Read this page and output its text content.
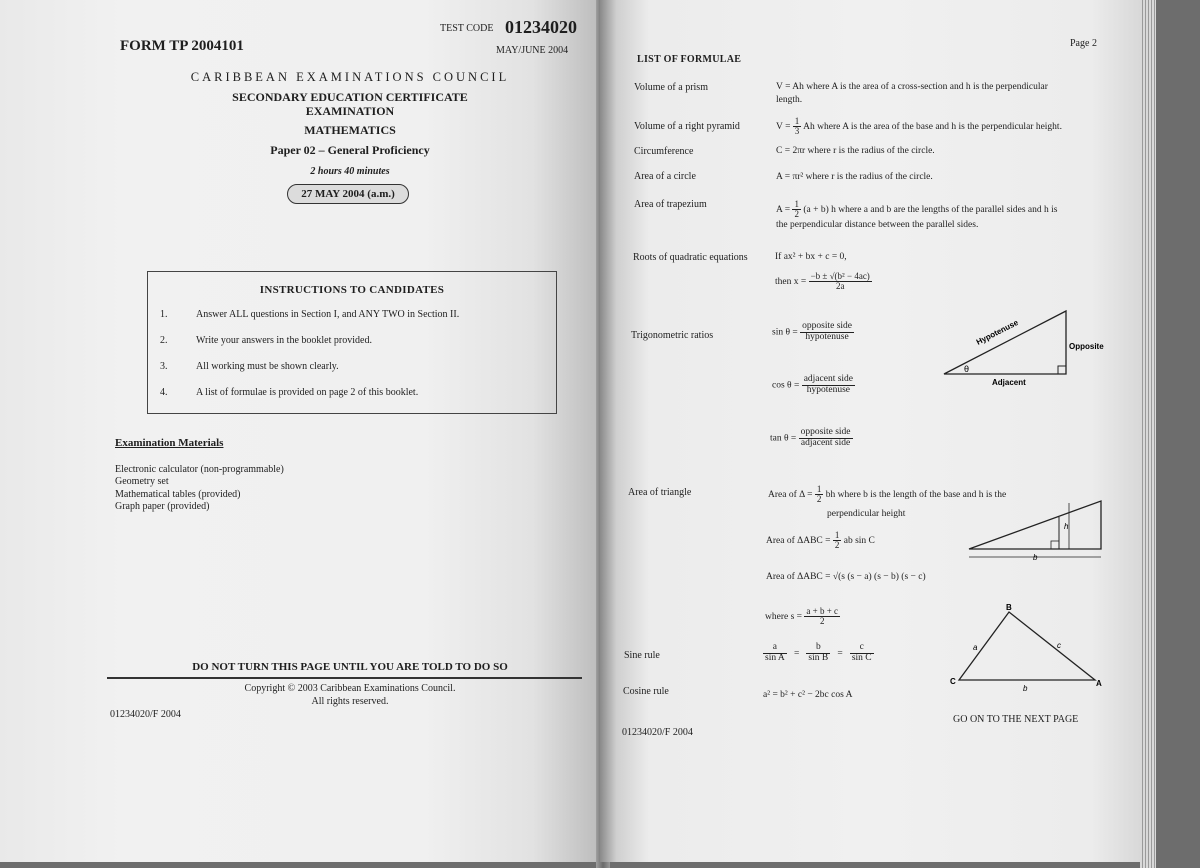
FORM TP 2004101
TEST CODE 01234020
MAY/JUNE 2004
CARIBBEAN EXAMINATIONS COUNCIL
SECONDARY EDUCATION CERTIFICATE
EXAMINATION
MATHEMATICS
Paper 02 – General Proficiency
2 hours 40 minutes
27 MAY 2004 (a.m.)
INSTRUCTIONS TO CANDIDATES
1.	Answer ALL questions in Section I, and ANY TWO in Section II.
2.	Write your answers in the booklet provided.
3.	All working must be shown clearly.
4.	A list of formulae is provided on page 2 of this booklet.
Examination Materials
Electronic calculator (non-programmable)
Geometry set
Mathematical tables (provided)
Graph paper (provided)
DO NOT TURN THIS PAGE UNTIL YOU ARE TOLD TO DO SO
Copyright © 2003 Caribbean Examinations Council.
All rights reserved.
01234020/F 2004
Page 2
LIST OF FORMULAE
Volume of a prism	V = Ah where A is the area of a cross-section and h is the perpendicular
length.
Volume of a right pyramid	$V = \frac{1}{3}$ Ah where A is the area of the base and h is the perpendicular height.
Circumference	C = 2πr where r is the radius of the circle.
Area of a circle	A = πr² where r is the radius of the circle.
Area of trapezium
$A = \frac{1}{2} (a + b)$ h where a and b are the lengths of the parallel sides and h is
the perpendicular distance between the parallel sides.
Roots of quadratic equations	If ax² + bx + c = 0,
then $x = \frac{\text{−b ± √(b² − 4ac)}}{2a}$
Trigonometric ratios	$\sin \theta = \frac{\text{opposite side}}{\text{hypotenuse}}$
$\cos \theta = \frac{\text{adjacent side}}{\text{hypotenuse}}$
$\tan \theta = \frac{\text{opposite side}}{\text{adjacent side}}$
Hypotenuse	Opposite
Adjacent
θ
Area of triangle	Area of $\Delta = \frac{1}{2}$ bh where b is the length of the base and h is the
perpendicular height
Area of $\Delta ABC = \frac{1}{2}$ ab sin C
Area of ΔABC = √(s (s − a) (s − b) (s − c)
where $s = \frac{a + b + c}{2}$
h
b
Sine rule	$\frac{a}{\text{sin A}} = \frac{b}{\text{sin B}} = \frac{c}{\text{sin C}}$
Cosine rule	a² = b² + c² − 2bc cos A
C
B
A
a	c
b
GO ON TO THE NEXT PAGE
01234020/F 2004
